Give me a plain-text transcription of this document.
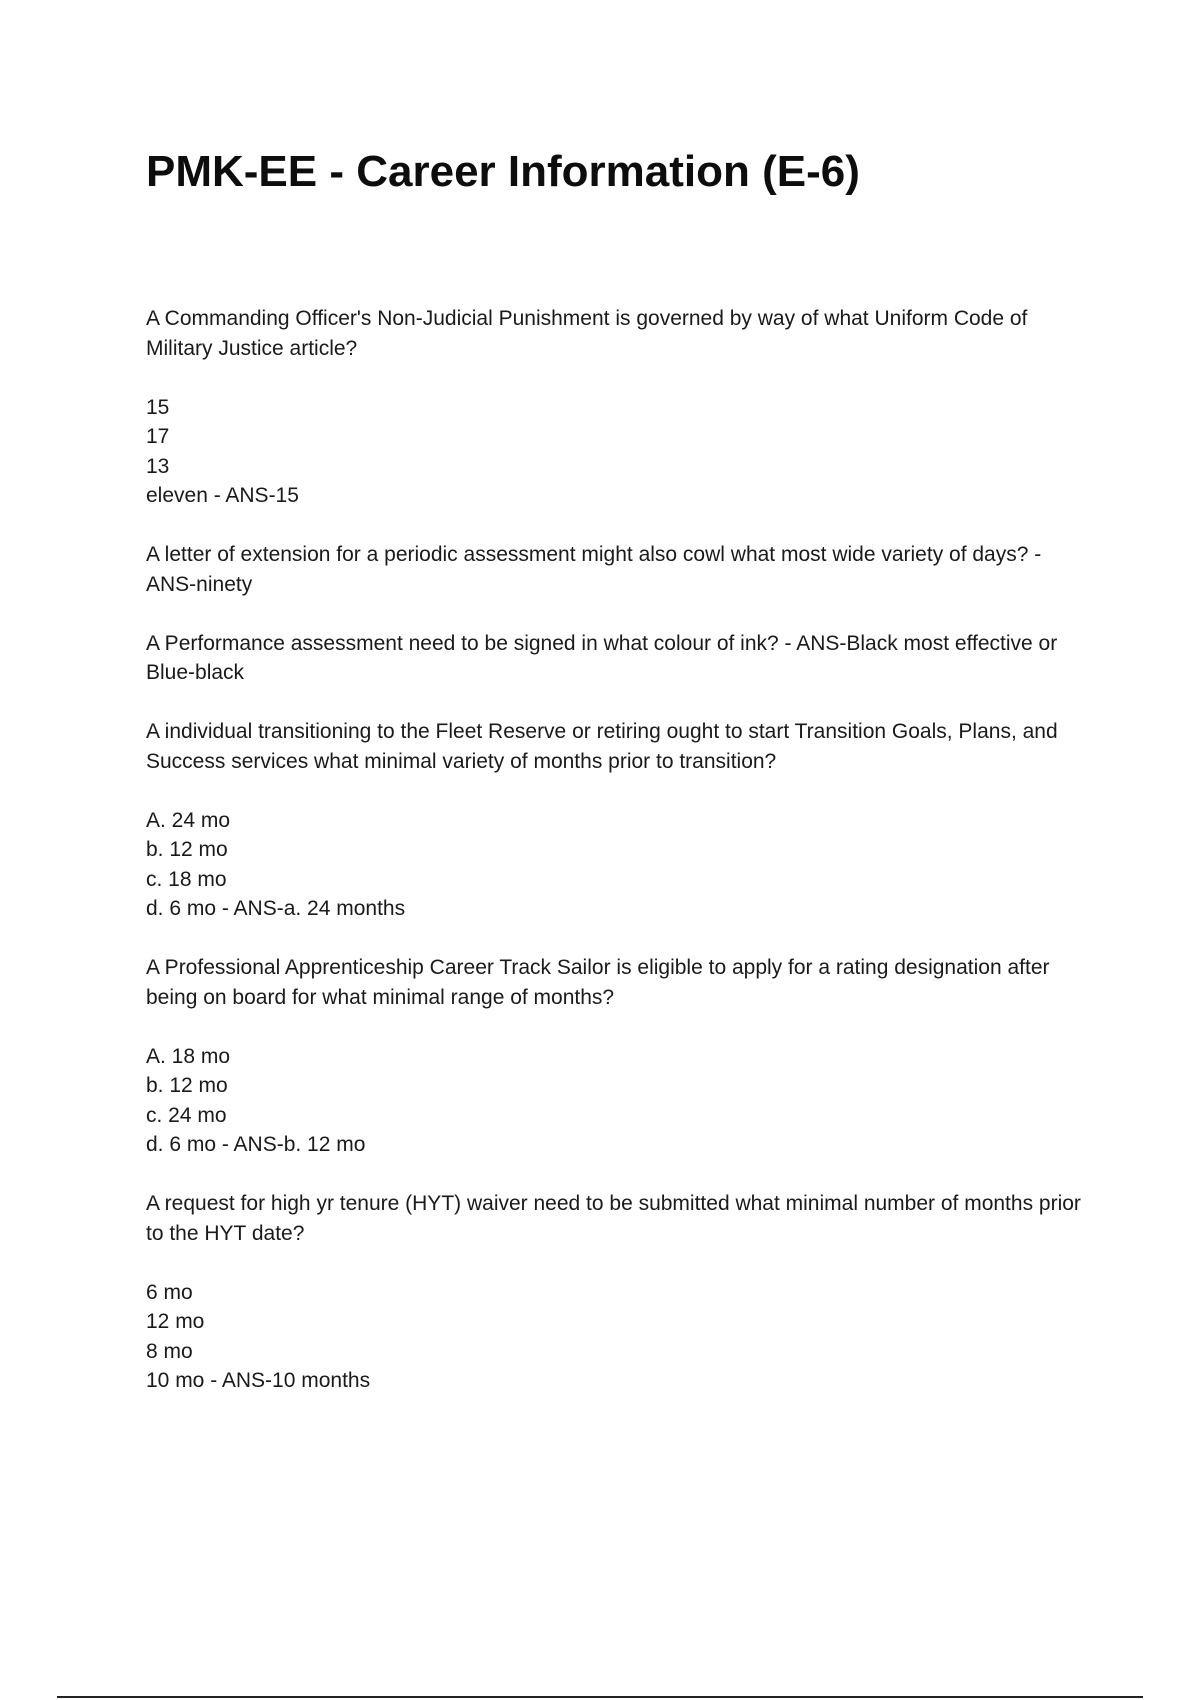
PMK-EE - Career Information (E-6)

A Commanding Officer's Non-Judicial Punishment is governed by way of what Uniform Code of Military Justice article?

15
17
13
eleven - ANS-15

A letter of extension for a periodic assessment might also cowl what most wide variety of days? - ANS-ninety

A Performance assessment need to be signed in what colour of ink? - ANS-Black most effective or Blue-black

A individual transitioning to the Fleet Reserve or retiring ought to start Transition Goals, Plans, and Success services what minimal variety of months prior to transition?

A. 24 mo
b. 12 mo
c. 18 mo
d. 6 mo - ANS-a. 24 months

A Professional Apprenticeship Career Track Sailor is eligible to apply for a rating designation after being on board for what minimal range of months?

A. 18 mo
b. 12 mo
c. 24 mo
d. 6 mo - ANS-b. 12 mo

A request for high yr tenure (HYT) waiver need to be submitted what minimal number of months prior to the HYT date?

6 mo
12 mo
8 mo
10 mo - ANS-10 months
